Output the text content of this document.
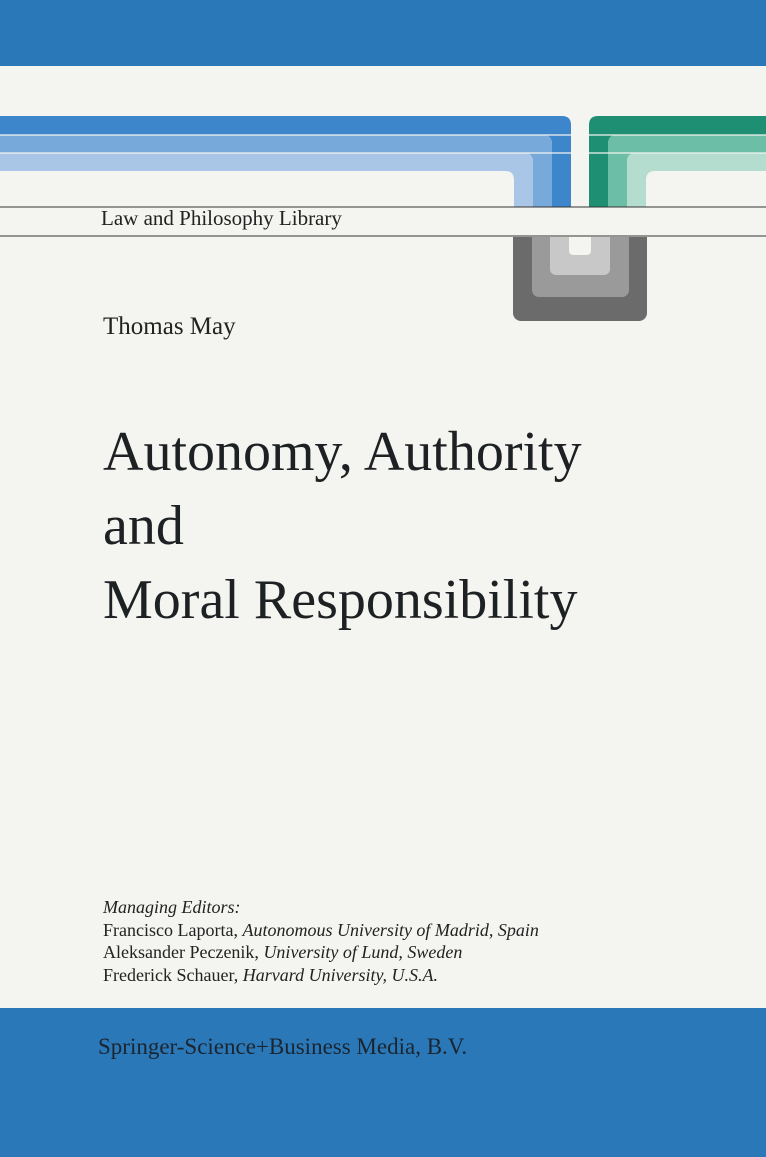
Law and Philosophy Library
Thomas May
Autonomy, Authority
and
Moral Responsibility
Managing Editors:
Francisco Laporta, Autonomous University of Madrid, Spain
Aleksander Peczenik, University of Lund, Sweden
Frederick Schauer, Harvard University, U.S.A.
Springer-Science+Business Media, B.V.
